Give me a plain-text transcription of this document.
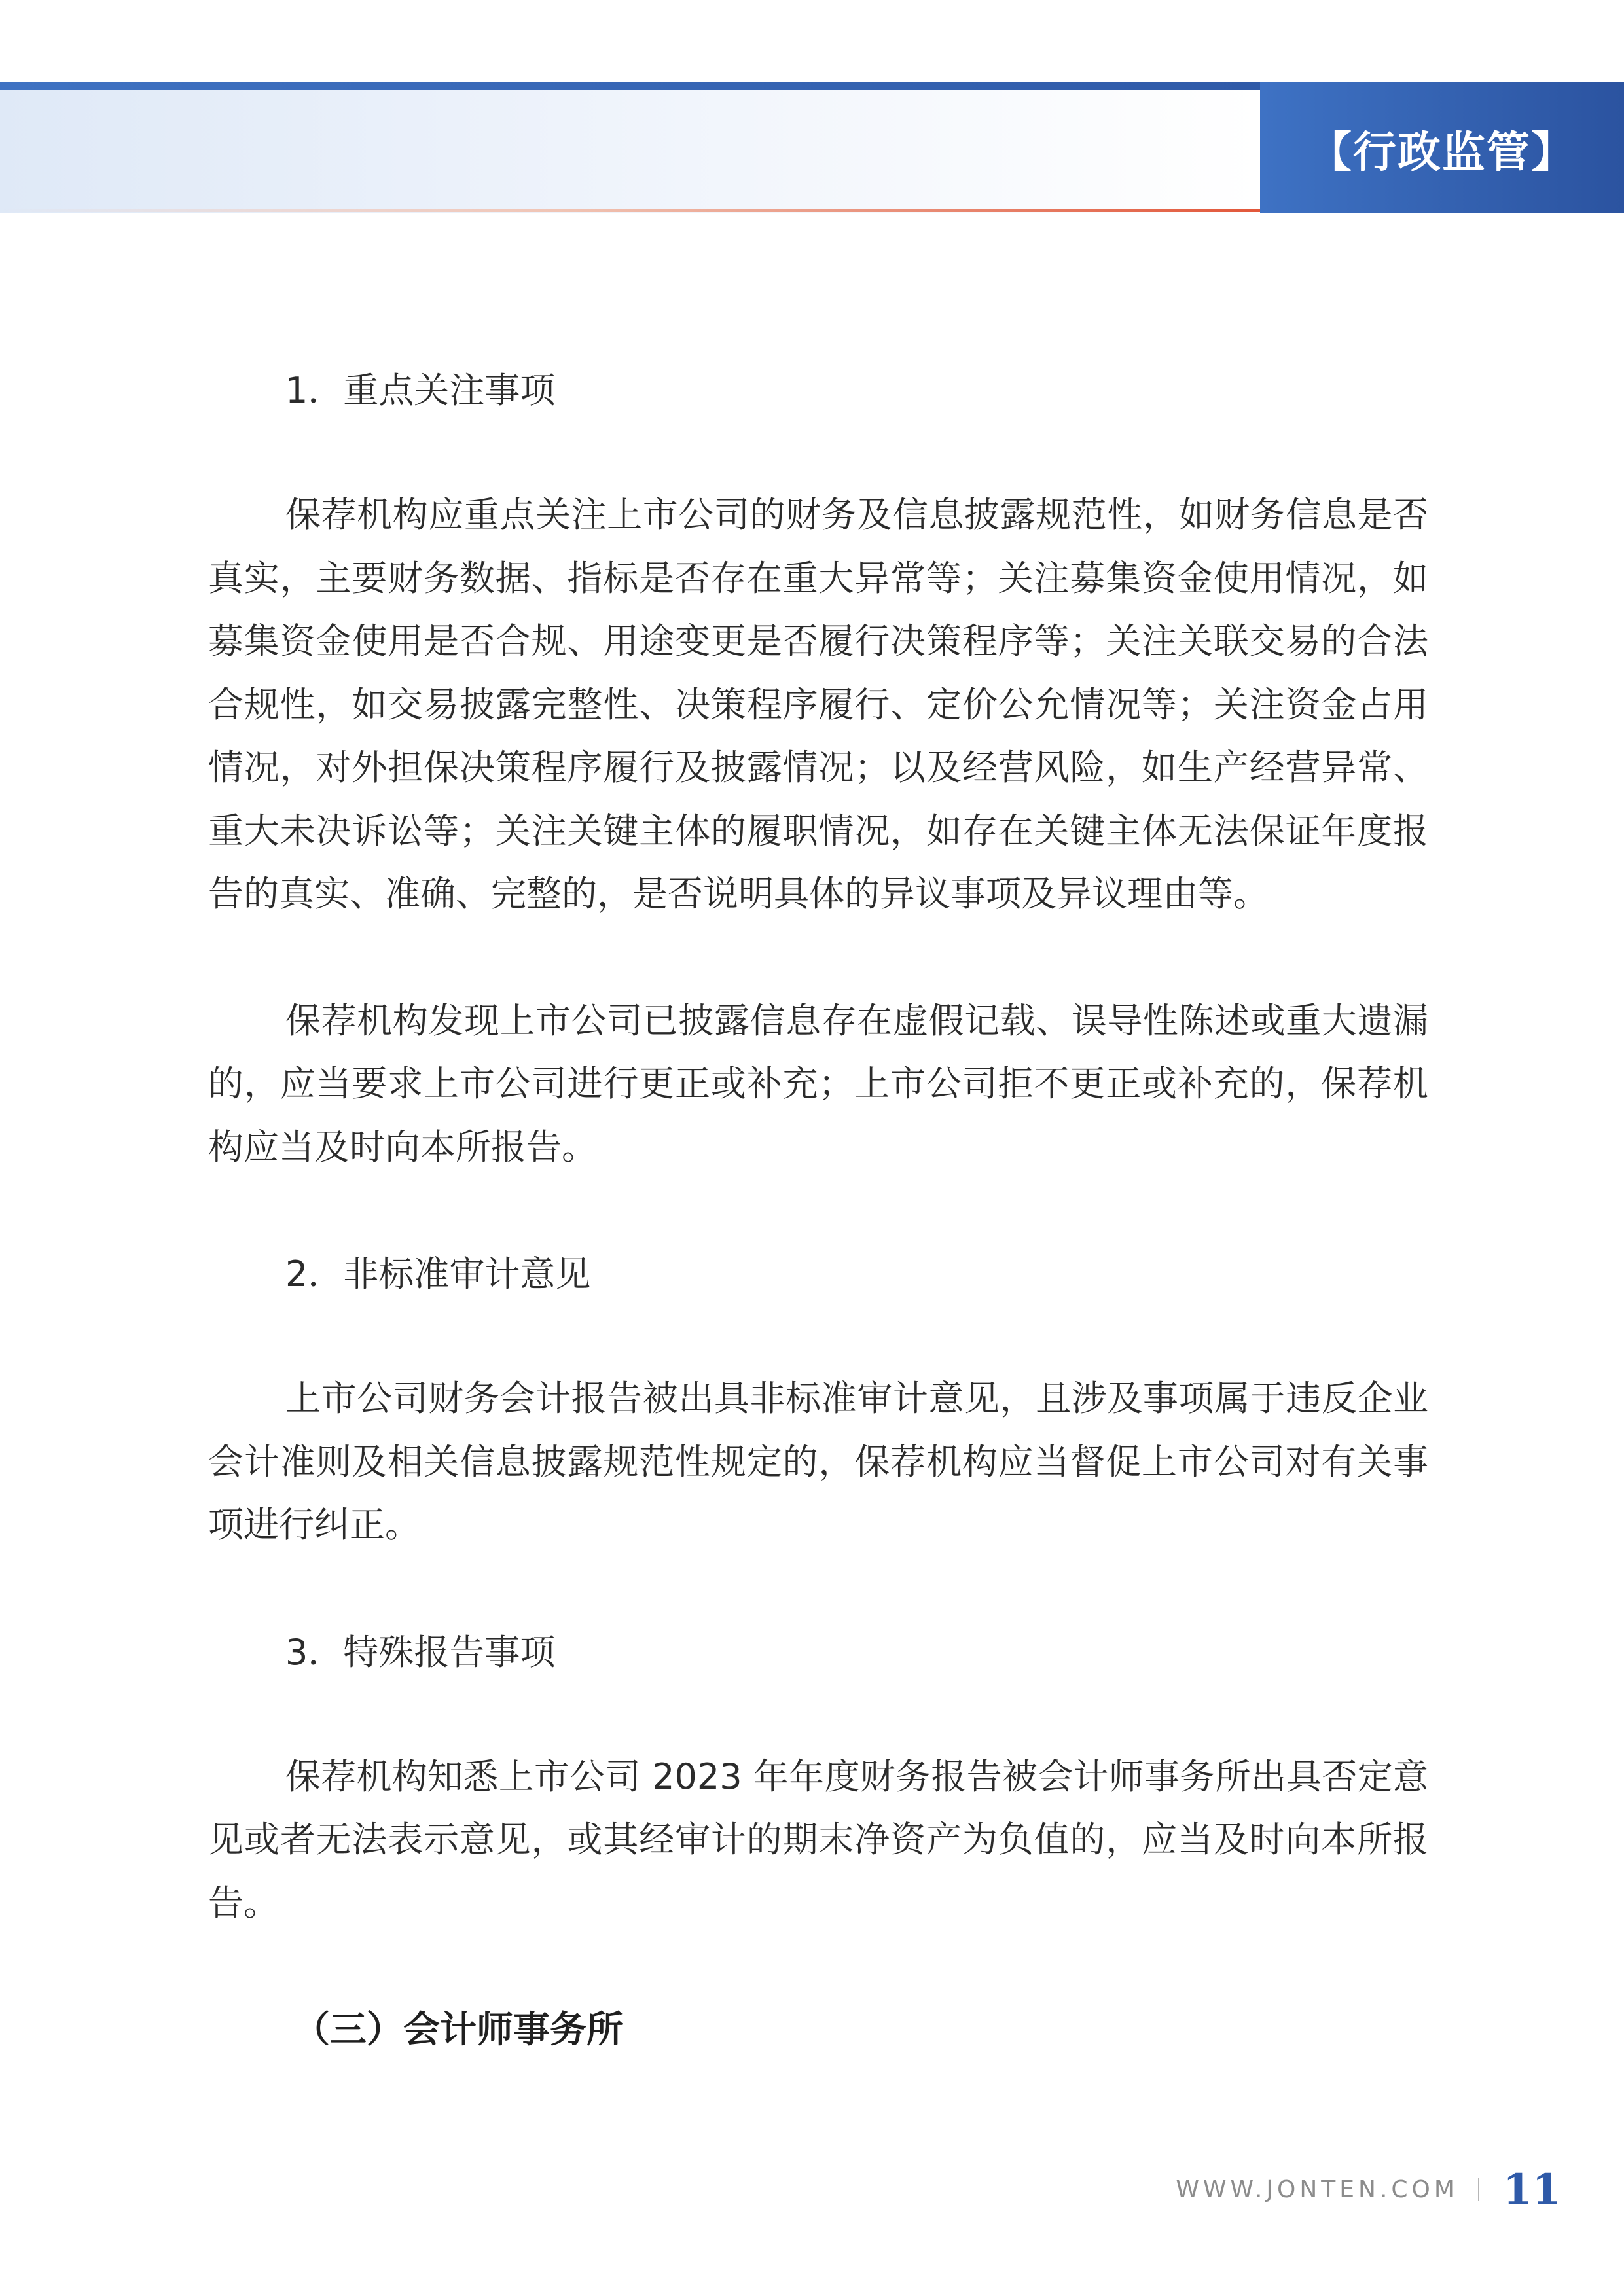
【行政监管】
1．重点关注事项

保荐机构应重点关注上市公司的财务及信息披露规范性，如财务信息是否真实，主要财务数据、指标是否存在重大异常等；关注募集资金使用情况，如募集资金使用是否合规、用途变更是否履行决策程序等；关注关联交易的合法合规性，如交易披露完整性、决策程序履行、定价公允情况等；关注资金占用情况，对外担保决策程序履行及披露情况；以及经营风险，如生产经营异常、重大未决诉讼等；关注关键主体的履职情况，如存在关键主体无法保证年度报告的真实、准确、完整的，是否说明具体的异议事项及异议理由等。

保荐机构发现上市公司已披露信息存在虚假记载、误导性陈述或重大遗漏的，应当要求上市公司进行更正或补充；上市公司拒不更正或补充的，保荐机构应当及时向本所报告。

2．非标准审计意见

上市公司财务会计报告被出具非标准审计意见，且涉及事项属于违反企业会计准则及相关信息披露规范性规定的，保荐机构应当督促上市公司对有关事项进行纠正。

3．特殊报告事项

保荐机构知悉上市公司 2023 年年度财务报告被会计师事务所出具否定意见或者无法表示意见，或其经审计的期末净资产为负值的，应当及时向本所报告。

（三）会计师事务所
WWW.JONTEN.COM 11
